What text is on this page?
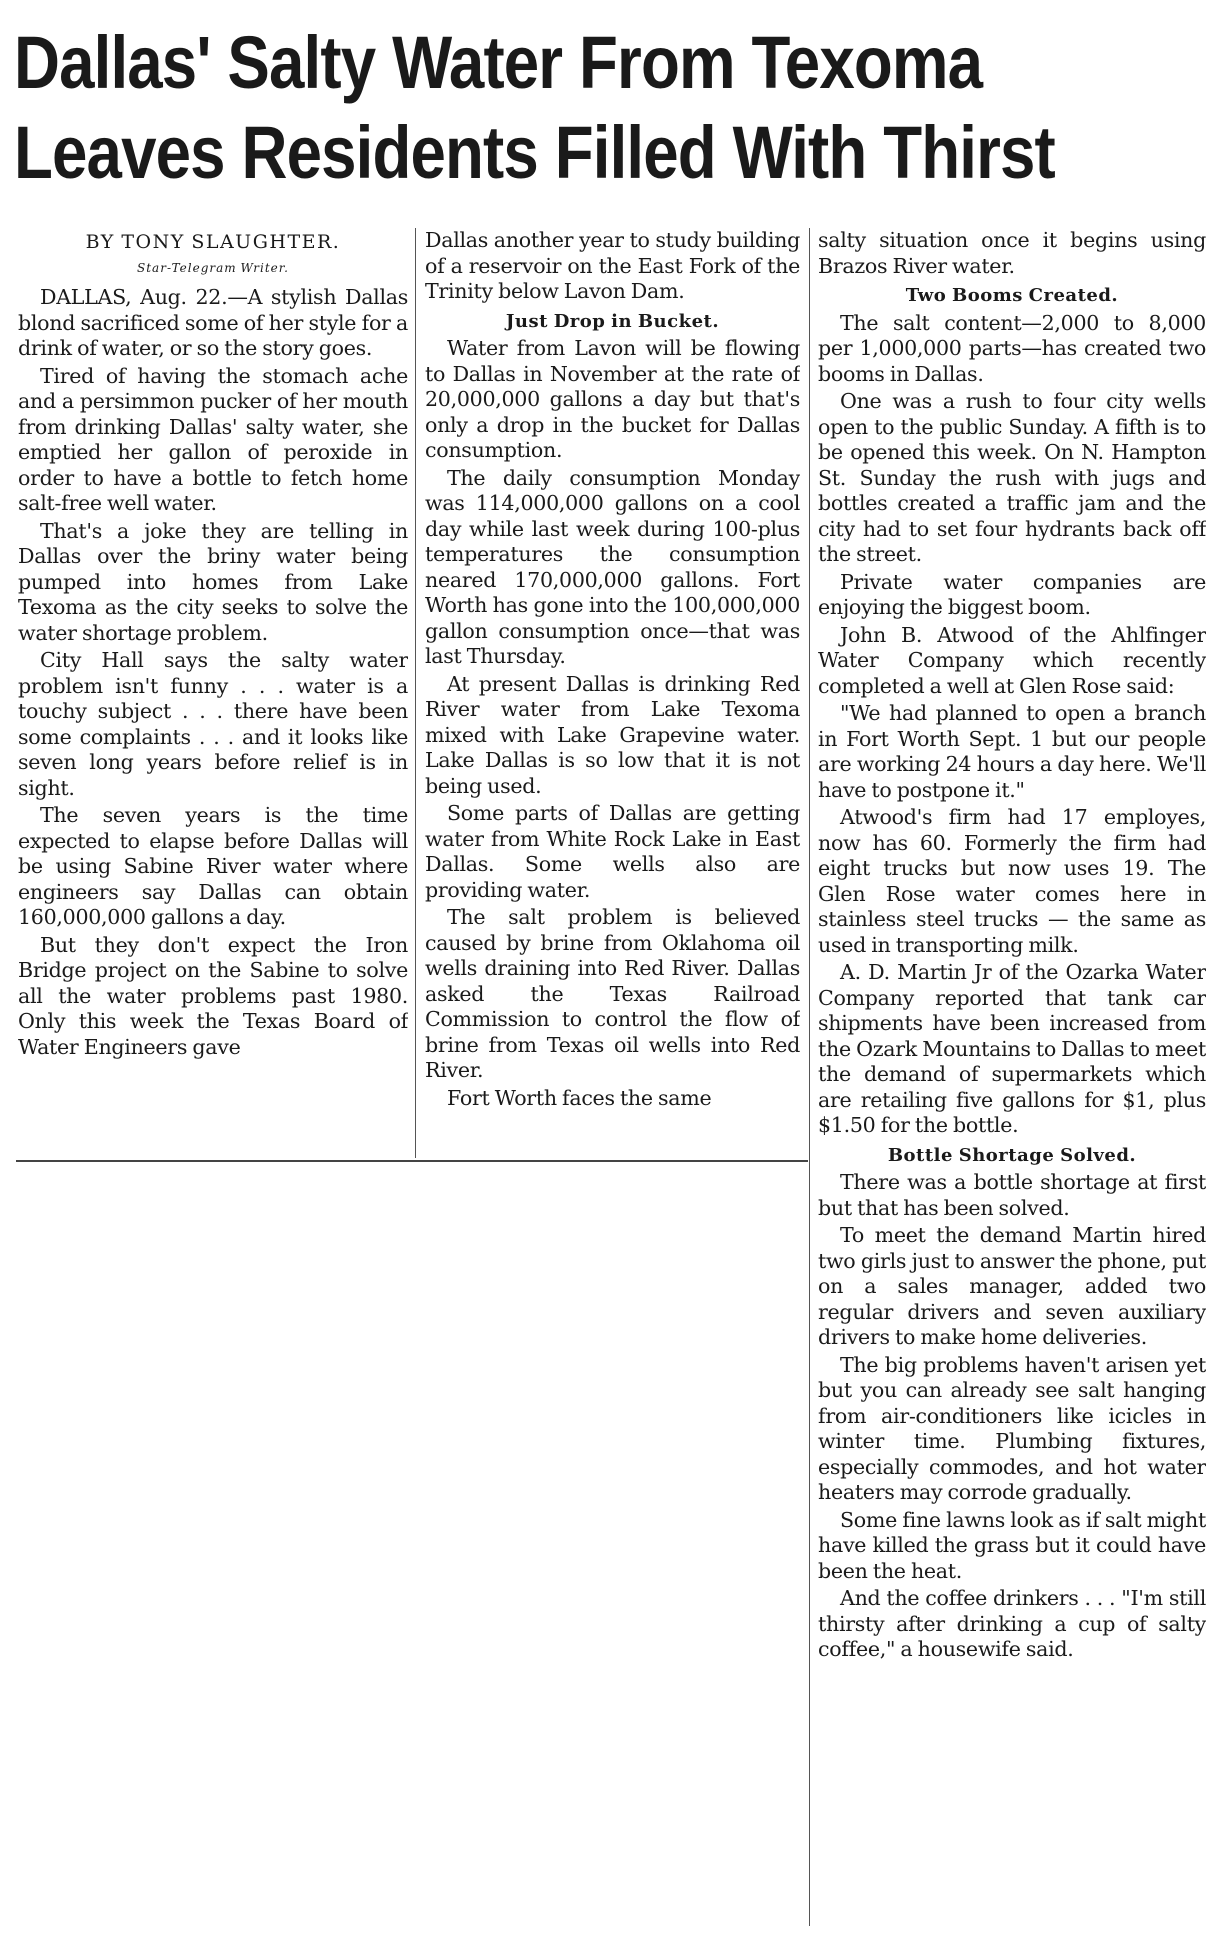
Dallas' Salty Water From Texoma
Leaves Residents Filled With Thirst
BY TONY SLAUGHTER.
Star-Telegram Writer.

DALLAS, Aug. 22.—A stylish Dallas blond sacrificed some of her style for a drink of water, or so the story goes.

Tired of having the stomach ache and a persimmon pucker of her mouth from drinking Dallas' salty water, she emptied her gallon of peroxide in order to have a bottle to fetch home salt-free well water.

That's a joke they are telling in Dallas over the briny water being pumped into homes from Lake Texoma as the city seeks to solve the water shortage problem.

City Hall says the salty water problem isn't funny . . . water is a touchy subject . . . there have been some complaints . . . and it looks like seven long years before relief is in sight.

The seven years is the time expected to elapse before Dallas will be using Sabine River water where engineers say Dallas can obtain 160,000,000 gallons a day.

But they don't expect the Iron Bridge project on the Sabine to solve all the water problems past 1980. Only this week the Texas Board of Water Engineers gave

Dallas another year to study building of a reservoir on the East Fork of the Trinity below Lavon Dam.

Just Drop in Bucket.

Water from Lavon will be flowing to Dallas in November at the rate of 20,000,000 gallons a day but that's only a drop in the bucket for Dallas consumption.

The daily consumption Monday was 114,000,000 gallons on a cool day while last week during 100-plus temperatures the consumption neared 170,000,000 gallons. Fort Worth has gone into the 100,000,000 gallon consumption once—that was last Thursday.

At present Dallas is drinking Red River water from Lake Texoma mixed with Lake Grapevine water. Lake Dallas is so low that it is not being used.

Some parts of Dallas are getting water from White Rock Lake in East Dallas. Some wells also are providing water.

The salt problem is believed caused by brine from Oklahoma oil wells draining into Red River. Dallas asked the Texas Railroad Commission to control the flow of brine from Texas oil wells into Red River.

Fort Worth faces the same

salty situation once it begins using Brazos River water.

Two Booms Created.

The salt content—2,000 to 8,000 per 1,000,000 parts—has created two booms in Dallas.

One was a rush to four city wells open to the public Sunday. A fifth is to be opened this week. On N. Hampton St. Sunday the rush with jugs and bottles created a traffic jam and the city had to set four hydrants back off the street.

Private water companies are enjoying the biggest boom.

John B. Atwood of the Ahlfinger Water Company which recently completed a well at Glen Rose said:

"We had planned to open a branch in Fort Worth Sept. 1 but our people are working 24 hours a day here. We'll have to postpone it."

Atwood's firm had 17 employes, now has 60. Formerly the firm had eight trucks but now uses 19. The Glen Rose water comes here in stainless steel trucks — the same as used in transporting milk.

A. D. Martin Jr of the Ozarka Water Company reported that tank car shipments have been increased from the Ozark Mountains to Dallas to meet the demand of supermarkets which are retailing five gallons for $1, plus $1.50 for the bottle.

Bottle Shortage Solved.

There was a bottle shortage at first but that has been solved.

To meet the demand Martin hired two girls just to answer the phone, put on a sales manager, added two regular drivers and seven auxiliary drivers to make home deliveries.

The big problems haven't arisen yet but you can already see salt hanging from air-conditioners like icicles in winter time. Plumbing fixtures, especially commodes, and hot water heaters may corrode gradually.

Some fine lawns look as if salt might have killed the grass but it could have been the heat.

And the coffee drinkers . . . "I'm still thirsty after drinking a cup of salty coffee," a housewife said.
